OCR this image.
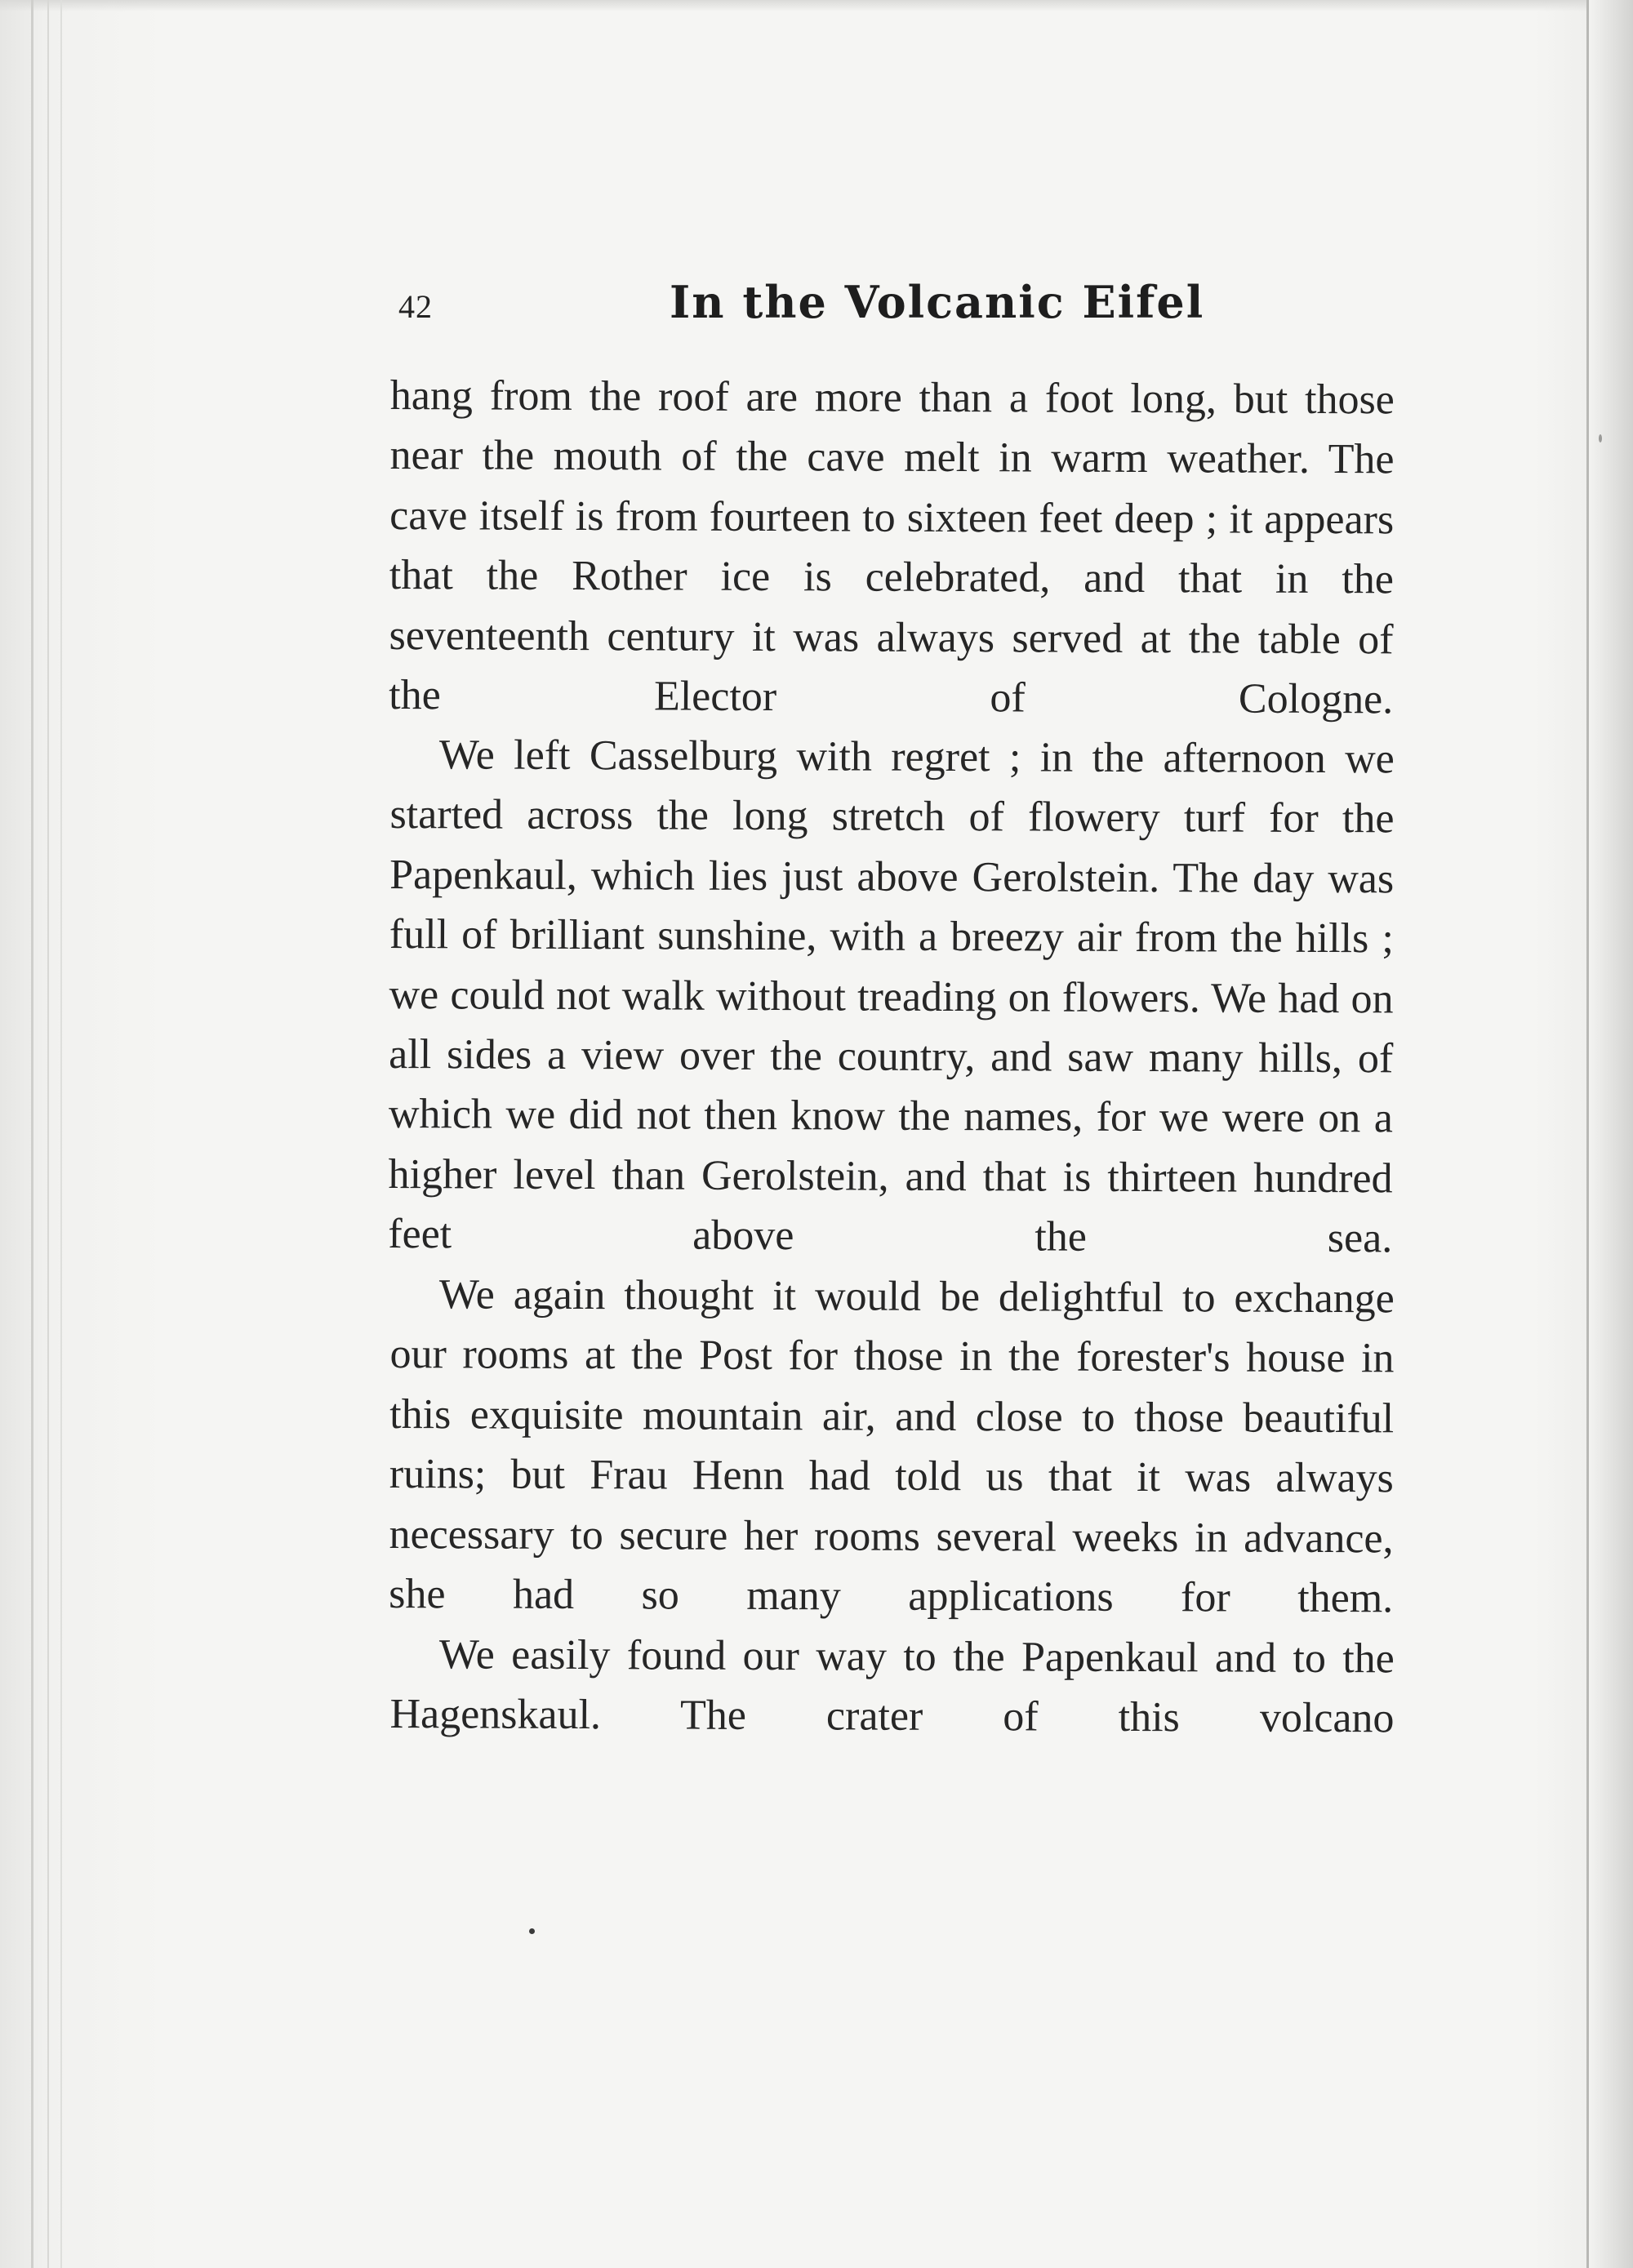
42	In the Volcanic Eifel

hang from the roof are more than a foot long, but those near the mouth of the cave melt in warm weather. The cave itself is from fourteen to sixteen feet deep ; it appears that the Rother ice is celebrated, and that in the seventeenth century it was always served at the table of the Elector of Cologne.

We left Casselburg with regret ; in the afternoon we started across the long stretch of flowery turf for the Papenkaul, which lies just above Gerolstein. The day was full of brilliant sunshine, with a breezy air from the hills ; we could not walk without treading on flowers. We had on all sides a view over the country, and saw many hills, of which we did not then know the names, for we were on a higher level than Gerolstein, and that is thirteen hundred feet above the sea.

We again thought it would be delightful to exchange our rooms at the Post for those in the forester's house in this exquisite mountain air, and close to those beautiful ruins; but Frau Henn had told us that it was always necessary to secure her rooms several weeks in advance, she had so many applications for them.

We easily found our way to the Papenkaul and to the Hagenskaul. The crater of this volcano
